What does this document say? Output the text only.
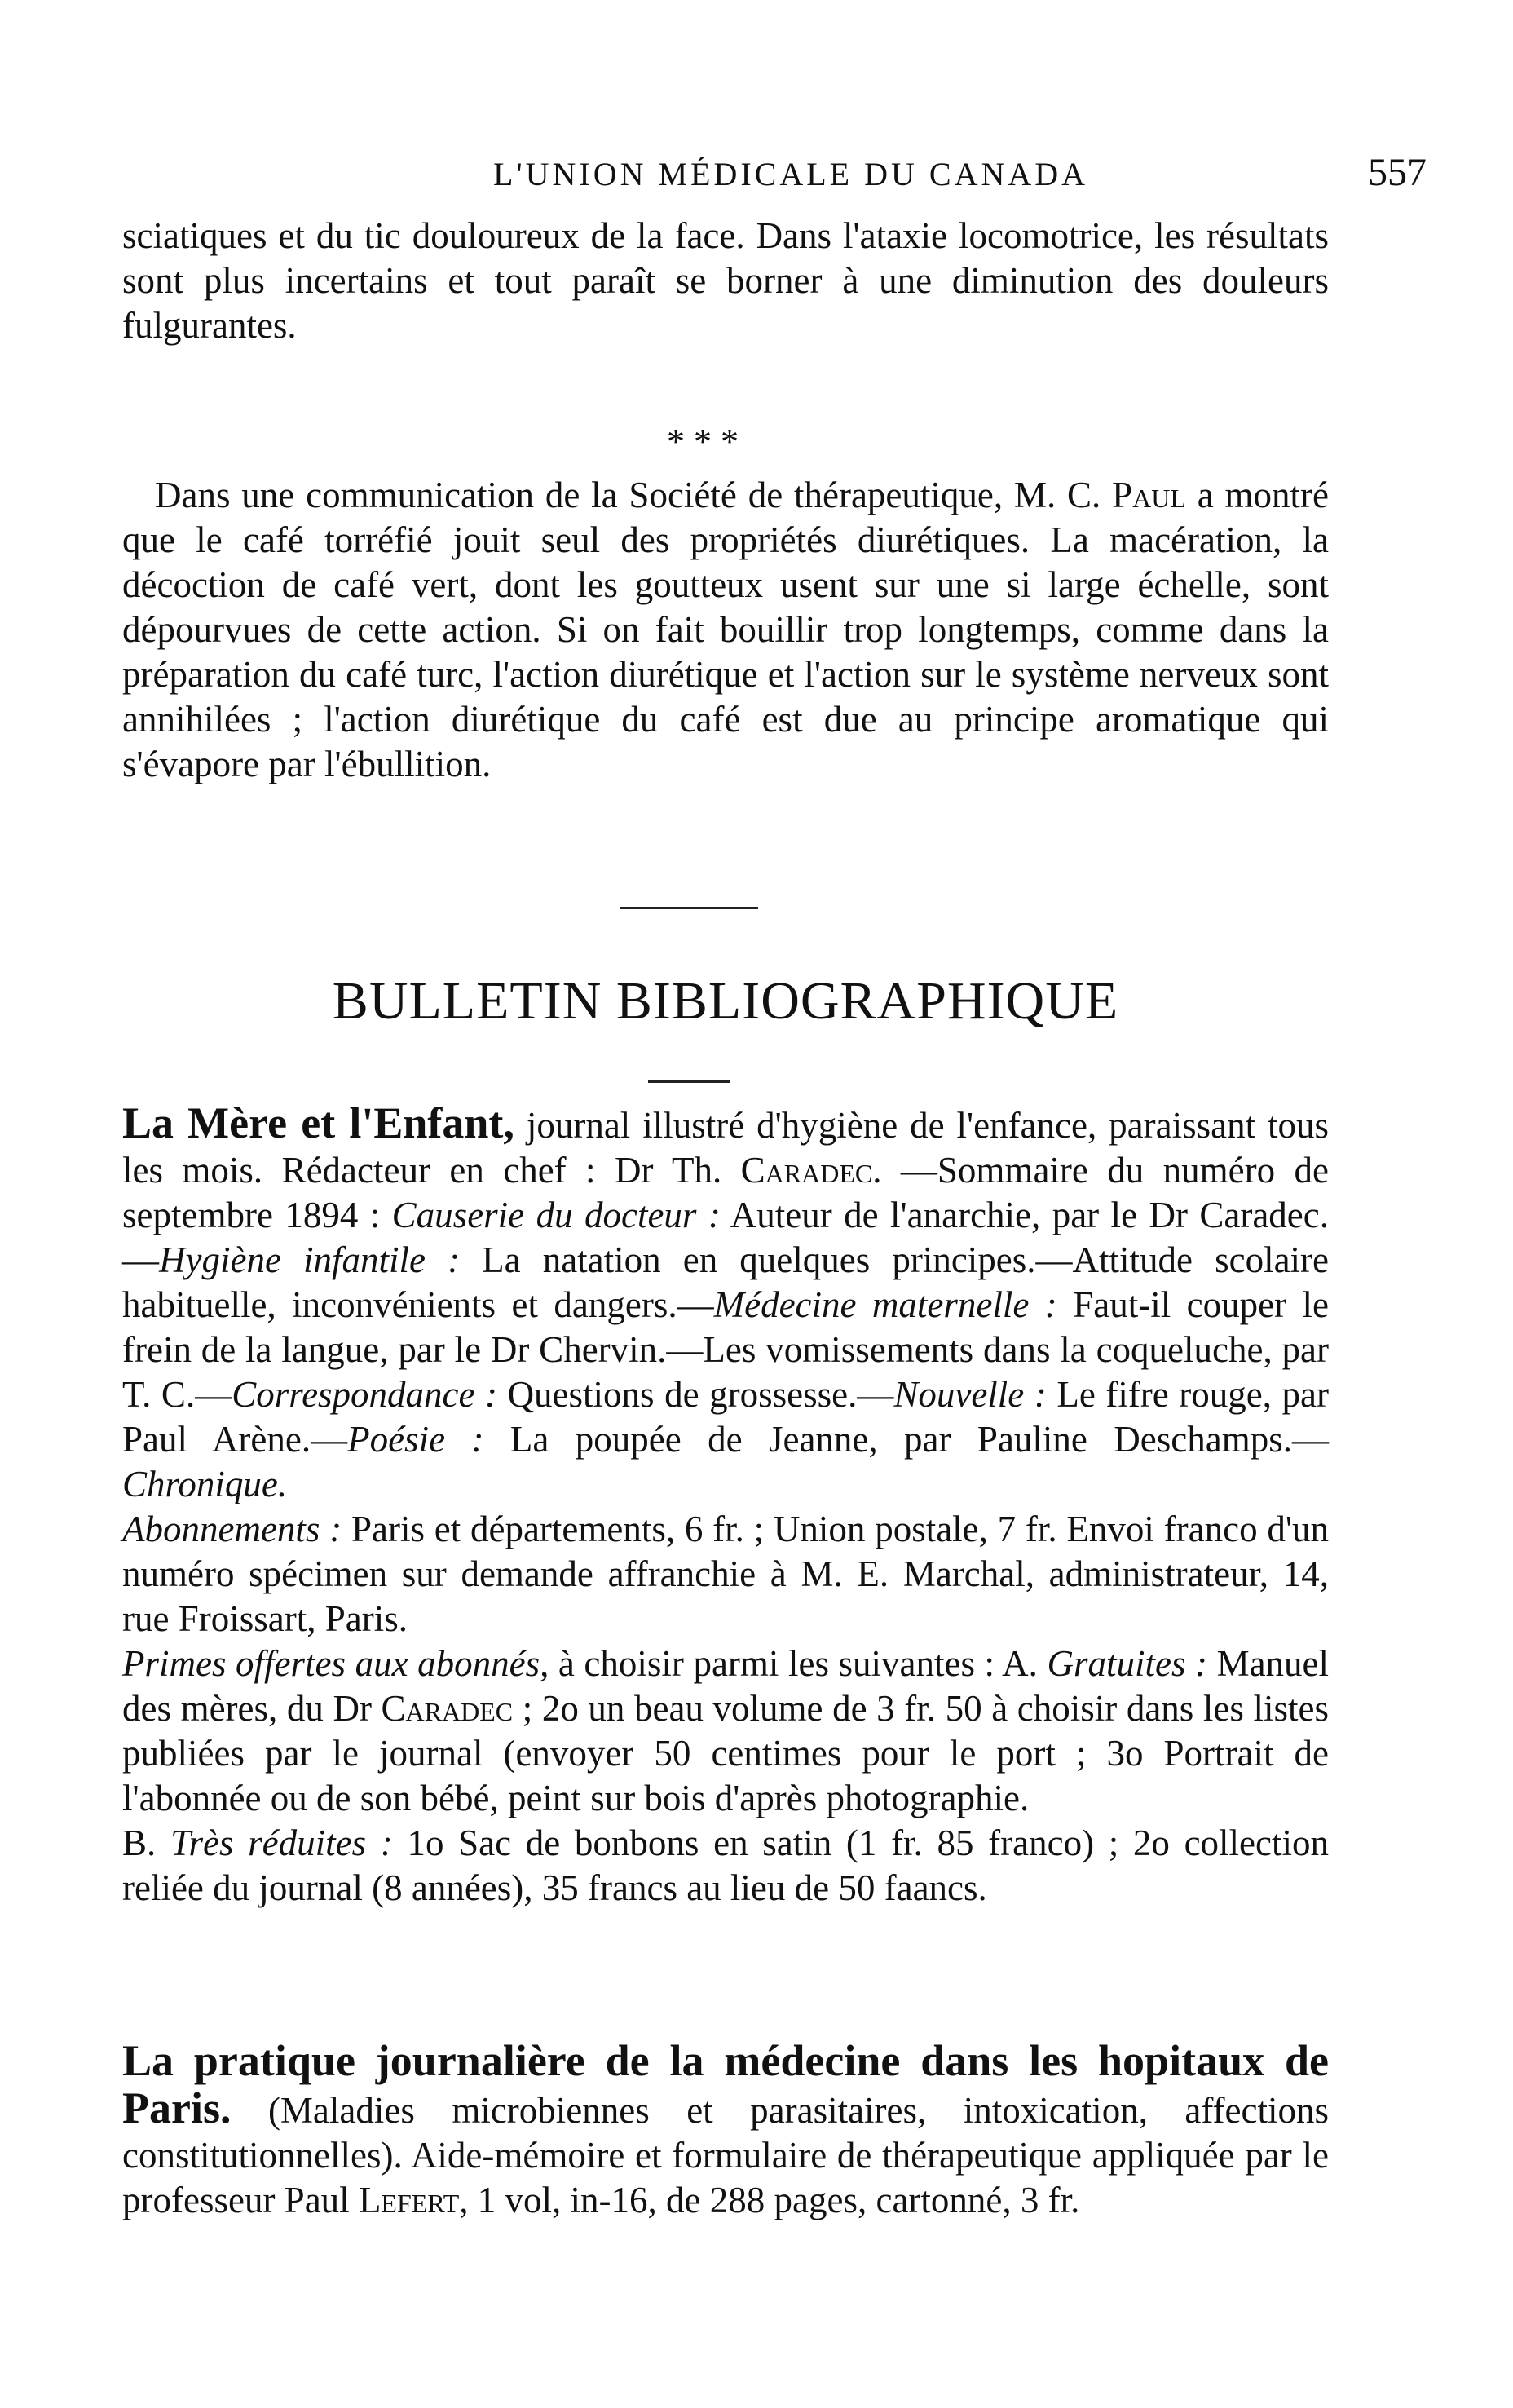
L'UNION MÉDICALE DU CANADA	557

sciatiques et du tic douloureux de la face. Dans l'ataxie locomotrice, les résultats sont plus incertains et tout paraît se borner à une diminution des douleurs fulgurantes.

* * *

Dans une communication de la Société de thérapeutique, M. C. Paul a montré que le café torréfié jouit seul des propriétés diurétiques. La macération, la décoction de café vert, dont les goutteux usent sur une si large échelle, sont dépourvues de cette action. Si on fait bouillir trop longtemps, comme dans la préparation du café turc, l'action diurétique et l'action sur le système nerveux sont annihilées ; l'action diurétique du café est due au principe aromatique qui s'évapore par l'ébullition.

BULLETIN BIBLIOGRAPHIQUE

La Mère et l'Enfant, journal illustré d'hygiène de l'enfance, paraissant tous les mois. Rédacteur en chef : Dr Th. Caradec. —Sommaire du numéro de septembre 1894 : Causerie du docteur : Auteur de l'anarchie, par le Dr Caradec.—Hygiène infantile : La natation en quelques principes.—Attitude scolaire habituelle, inconvénients et dangers.—Médecine maternelle : Faut-il couper le frein de la langue, par le Dr Chervin.—Les vomissements dans la coqueluche, par T. C.—Correspondance : Questions de grossesse.—Nouvelle : Le fifre rouge, par Paul Arène.—Poésie : La poupée de Jeanne, par Pauline Deschamps.—Chronique.

Abonnements : Paris et départements, 6 fr. ; Union postale, 7 fr. Envoi franco d'un numéro spécimen sur demande affranchie à M. E. Marchal, administrateur, 14, rue Froissart, Paris.

Primes offertes aux abonnés, à choisir parmi les suivantes : A. Gratuites : Manuel des mères, du Dr Caradec ; 2o un beau volume de 3 fr. 50 à choisir dans les listes publiées par le journal (envoyer 50 centimes pour le port ; 3o Portrait de l'abonnée ou de son bébé, peint sur bois d'après photographie.

B. Très réduites : 1o Sac de bonbons en satin (1 fr. 85 franco) ; 2o collection reliée du journal (8 années), 35 francs au lieu de 50 faancs.

La pratique journalière de la médecine dans les hopitaux de Paris. (Maladies microbiennes et parasitaires, intoxication, affections constitutionnelles). Aide-mémoire et formulaire de thérapeutique appliquée par le professeur Paul Lefert, 1 vol, in-16, de 288 pages, cartonné, 3 fr.
